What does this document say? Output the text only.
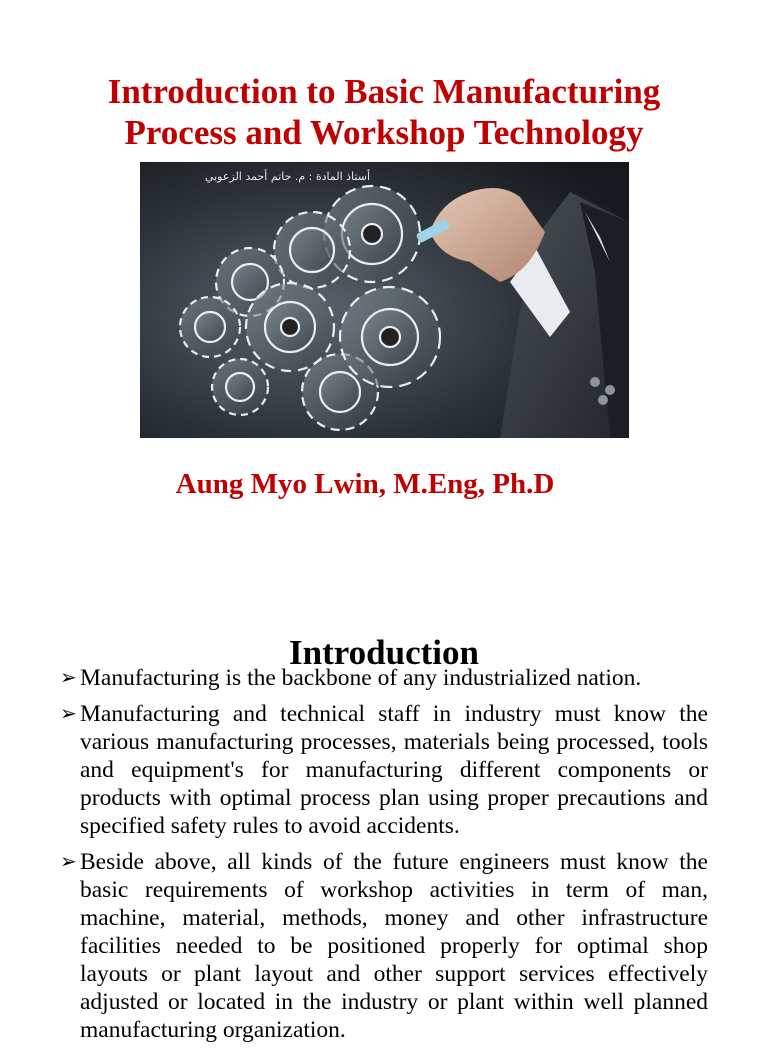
Introduction to Basic Manufacturing
Process and Workshop Technology
أستاذ المادة : م. حاتم أحمد الزعوبي
Aung Myo Lwin, M.Eng, Ph.D
Introduction
➢ Manufacturing is the backbone of any industrialized nation.
➢ Manufacturing and technical staff in industry must know the various manufacturing processes, materials being processed, tools and equipment's for manufacturing different components or products with optimal process plan using proper precautions and specified safety rules to avoid accidents.
➢ Beside above, all kinds of the future engineers must know the basic requirements of workshop activities in term of man, machine, material, methods, money and other infrastructure facilities needed to be positioned properly for optimal shop layouts or plant layout and other support services effectively adjusted or located in the industry or plant within well planned manufacturing organization.
